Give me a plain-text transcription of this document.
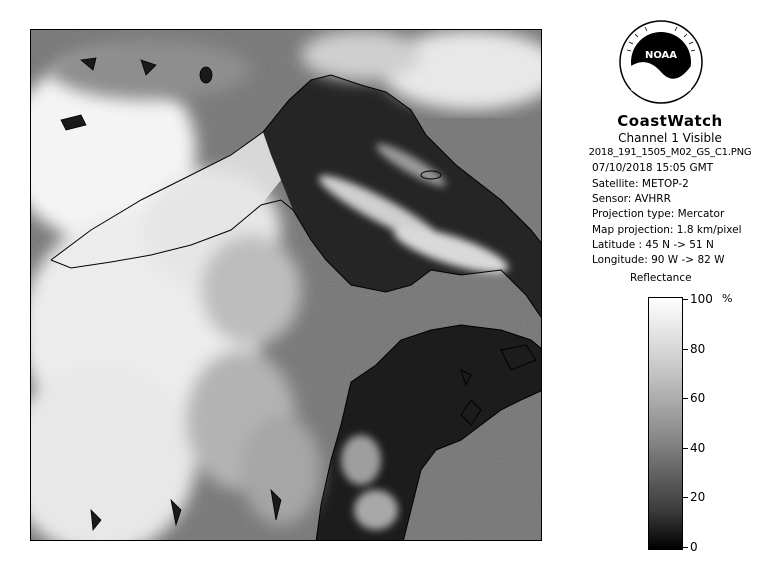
NOAA
CoastWatch
Channel 1 Visible
2018_191_1505_M02_GS_C1.PNG
07/10/2018 15:05 GMT
Satellite: METOP-2
Sensor: AVHRR
Projection type: Mercator
Map projection: 1.8 km/pixel
Latitude : 45 N -> 51 N
Longitude: 90 W -> 82 W
Reflectance
%
100
80
60
40
20
0
